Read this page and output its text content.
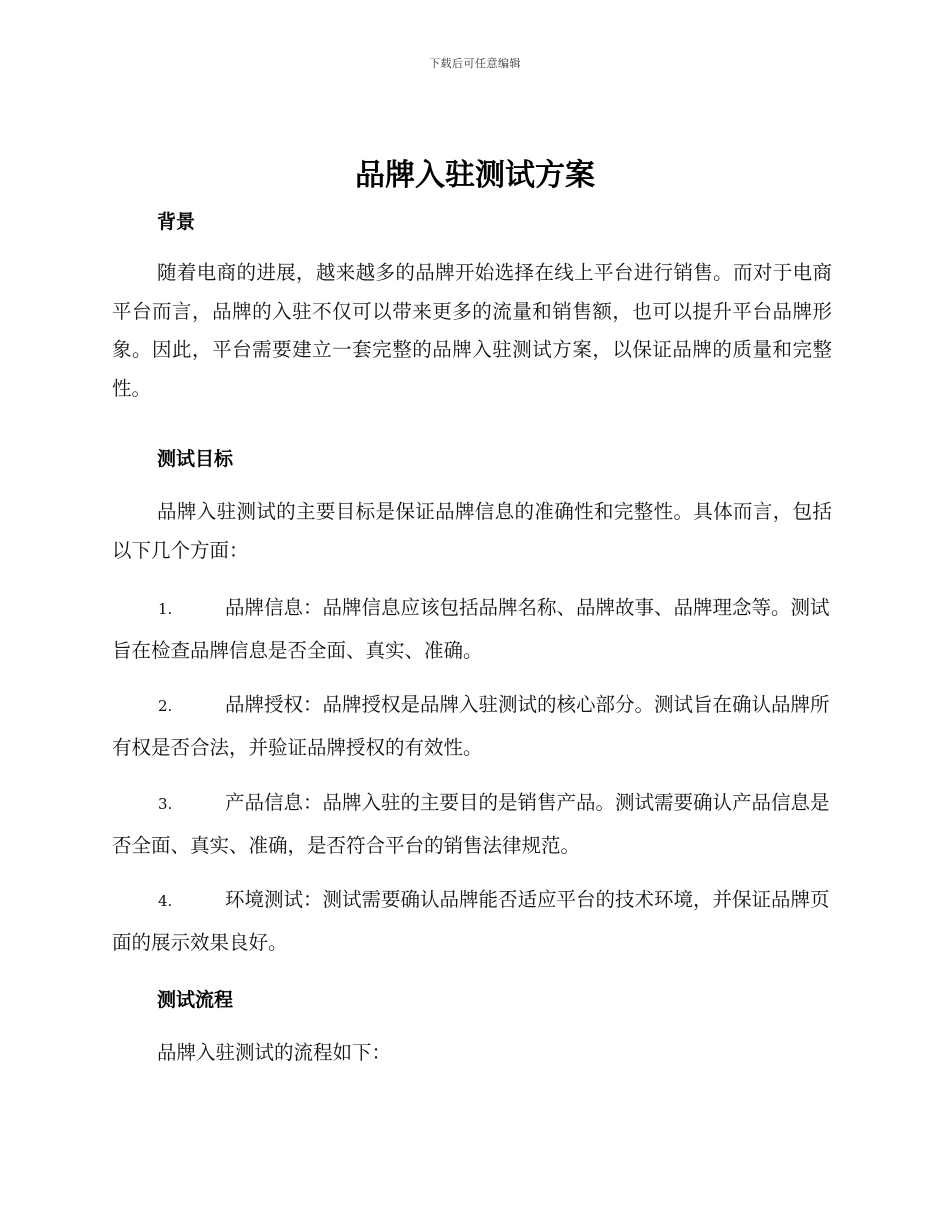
下载后可任意编辑
品牌入驻测试方案
背景

随着电商的进展，越来越多的品牌开始选择在线上平台进行销售。而对于电商平台而言，品牌的入驻不仅可以带来更多的流量和销售额，也可以提升平台品牌形象。因此，平台需要建立一套完整的品牌入驻测试方案，以保证品牌的质量和完整性。

测试目标

品牌入驻测试的主要目标是保证品牌信息的准确性和完整性。具体而言，包括以下几个方面：

1.	品牌信息：品牌信息应该包括品牌名称、品牌故事、品牌理念等。测试旨在检查品牌信息是否全面、真实、准确。
2.	品牌授权：品牌授权是品牌入驻测试的核心部分。测试旨在确认品牌所有权是否合法，并验证品牌授权的有效性。
3.	产品信息：品牌入驻的主要目的是销售产品。测试需要确认产品信息是否全面、真实、准确，是否符合平台的销售法律规范。
4.	环境测试：测试需要确认品牌能否适应平台的技术环境，并保证品牌页面的展示效果良好。
测试流程

品牌入驻测试的流程如下：
